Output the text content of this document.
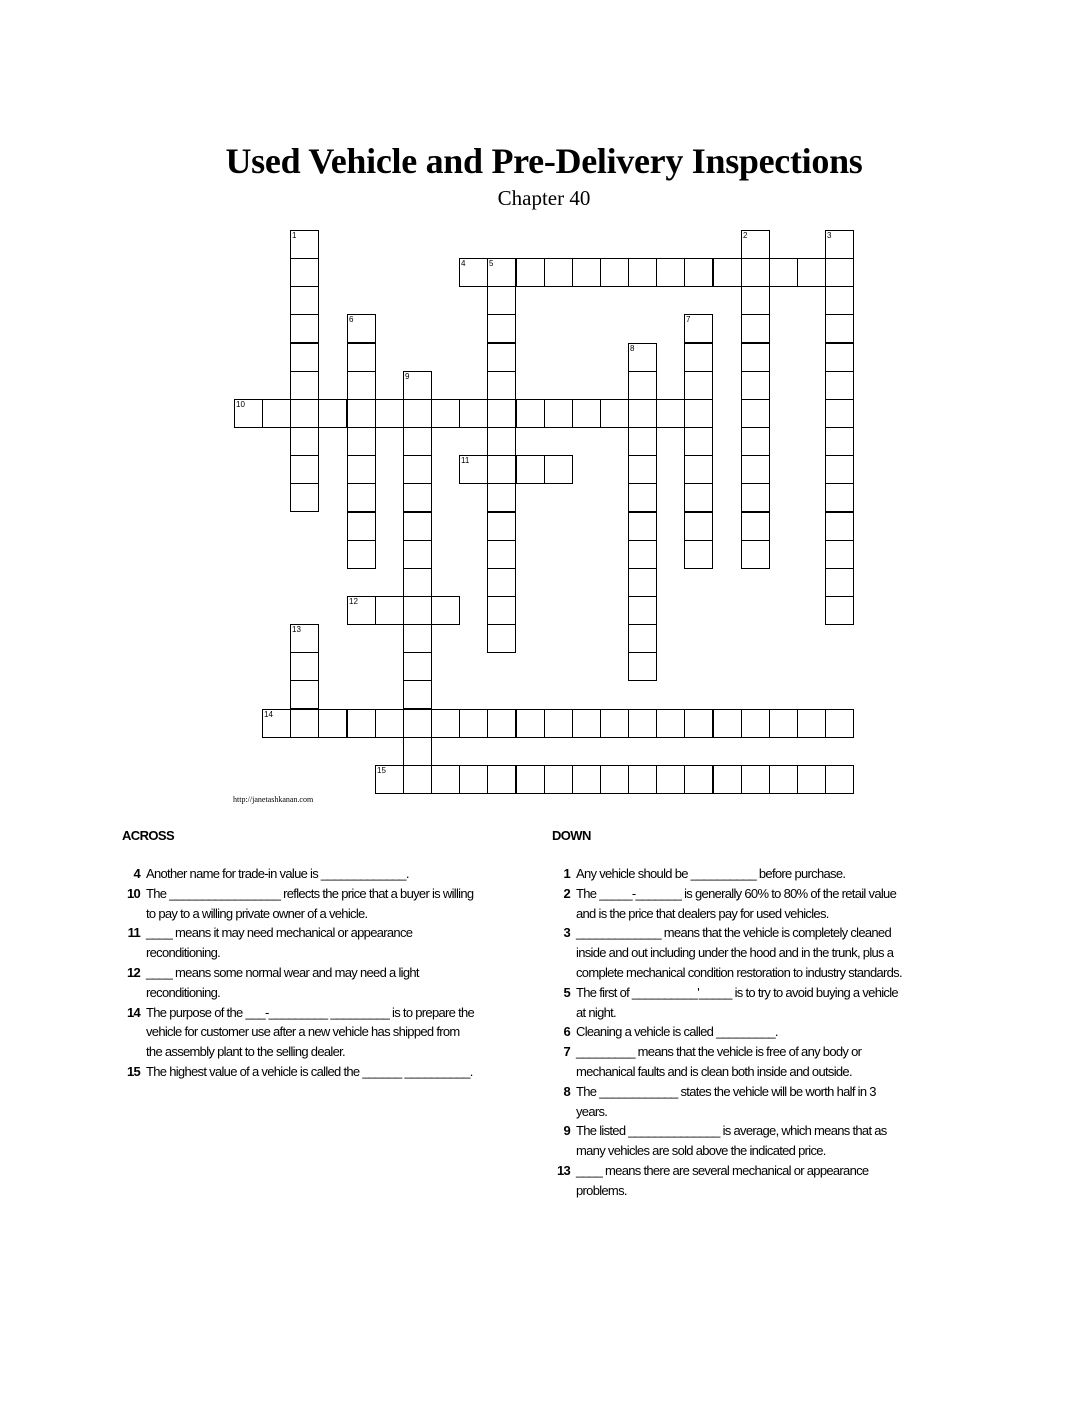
Used Vehicle and Pre-Delivery Inspections
Chapter 40
1	2	3
4	5
6	7
8
9
10
11
12
13
14
15
http://janetashkanan.com
ACROSS	DOWN
4 Another name for trade-in value is _____________.
10 The _________________ reflects the price that a buyer is willing to pay to a willing private owner of a vehicle.
11 ____ means it may need mechanical or appearance reconditioning.
12 ____ means some normal wear and may need a light reconditioning.
14 The purpose of the ___-_________ _________ is to prepare the vehicle for customer use after a new vehicle has shipped from the assembly plant to the selling dealer.
15 The highest value of a vehicle is called the ______ __________.
1 Any vehicle should be __________ before purchase.
2 The _____-_______ is generally 60% to 80% of the retail value and is the price that dealers pay for used vehicles.
3 _____________ means that the vehicle is completely cleaned inside and out including under the hood and in the trunk, plus a complete mechanical condition restoration to industry standards.
5 The first of __________'_____ is to try to avoid buying a vehicle at night.
6 Cleaning a vehicle is called _________.
7 _________ means that the vehicle is free of any body or mechanical faults and is clean both inside and outside.
8 The ____________ states the vehicle will be worth half in 3 years.
9 The listed ______________ is average, which means that as many vehicles are sold above the indicated price.
13 ____ means there are several mechanical or appearance problems.
